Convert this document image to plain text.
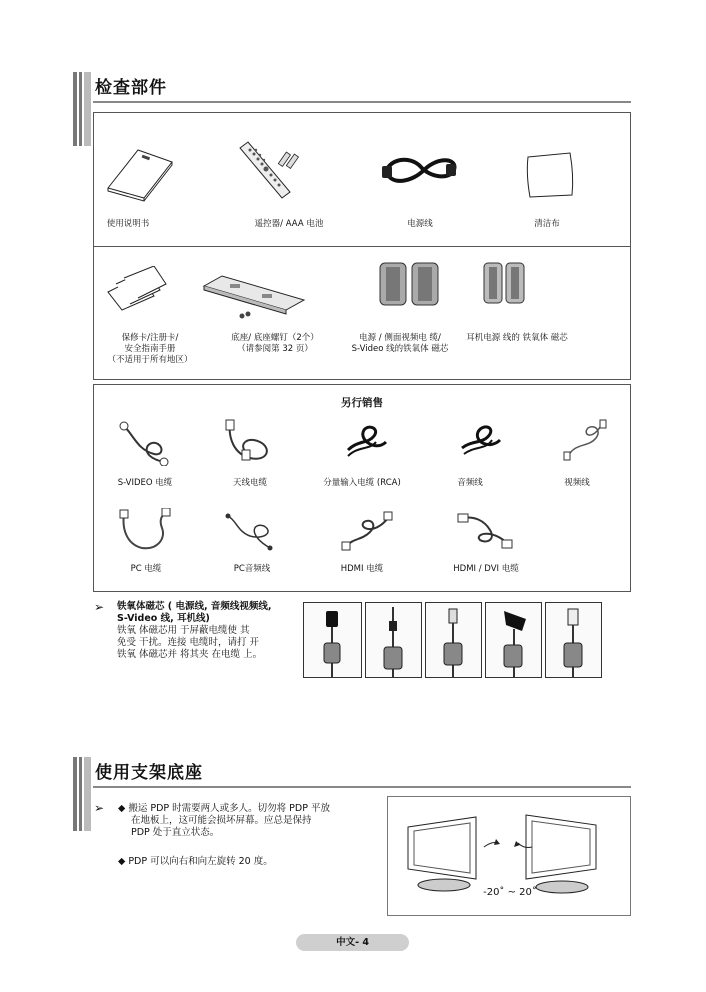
检查部件
使用说明书	遥控器/ AAA 电池	电源线	清洁布
保修卡/注册卡/
安全指南手册
（不适用于所有地区）
底座/ 底座螺钉（2个）
（请参阅第 32 页）
电源 / 侧面视频电 缆/
S-Video 线的铁氧体 磁芯
耳机电源 线的 铁氧体 磁芯
另行销售
S-VIDEO 电缆	天线电缆	分量输入电缆 (RCA)	音频线	视频线
PC 电缆	PC音频线	HDMI 电缆	HDMI / DVI 电缆
➢ 铁氧体磁芯 ( 电源线, 音频线视频线,
S-Video 线, 耳机线)
铁氧 体磁芯用 于屏蔽电缆使 其
免受 干扰。连接 电缆时，请打 开
铁氧 体磁芯并 将其夹 在电缆 上。
使用支架底座
➢ ◆ 搬运 PDP 时需要两人或多人。切勿将 PDP 平放
在地板上，这可能会损坏屏幕。应总是保持
PDP 处于直立状态。
◆ PDP 可以向右和向左旋转 20 度。
-20˚ ~ 20˚
中文- 4
